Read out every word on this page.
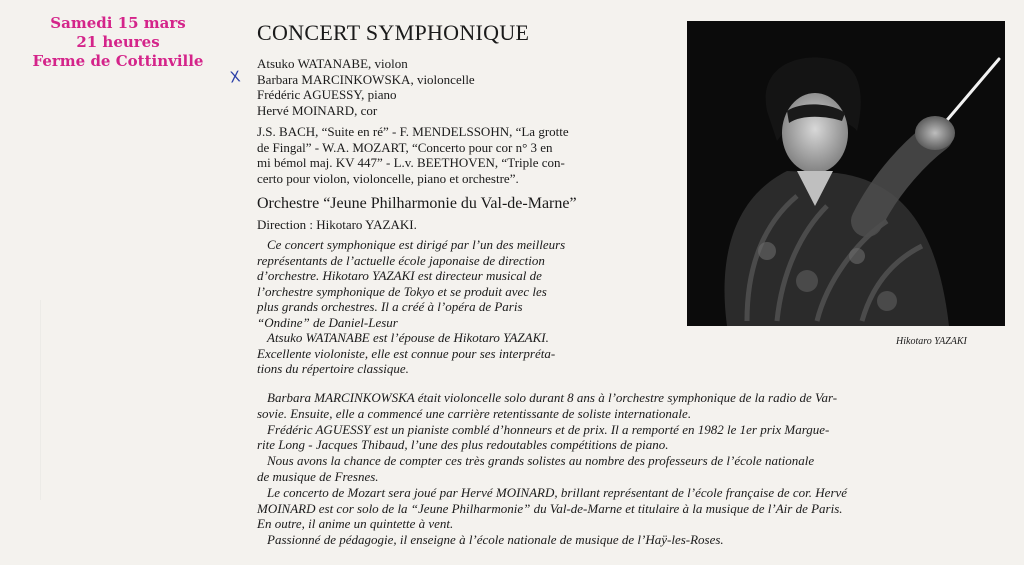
Samedi 15 mars
21 heures
Ferme de Cottinville
X
CONCERT SYMPHONIQUE
Atsuko WATANABE, violon
Barbara MARCINKOWSKA, violoncelle
Frédéric AGUESSY, piano
Hervé MOINARD, cor
J.S. BACH, “Suite en ré” - F. MENDELSSOHN, “La grotte
de Fingal” - W.A. MOZART, “Concerto pour cor n° 3 en
mi bémol maj. KV 447” - L.v. BEETHOVEN, “Triple con-
certo pour violon, violoncelle, piano et orchestre”.
Orchestre “Jeune Philharmonie du Val-de-Marne”
Direction : Hikotaro YAZAKI.
Ce concert symphonique est dirigé par l’un des meilleurs
représentants de l’actuelle école japonaise de direction
d’orchestre. Hikotaro YAZAKI est directeur musical de
l’orchestre symphonique de Tokyo et se produit avec les
plus grands orchestres. Il a créé à l’opéra de Paris
“Ondine” de Daniel-Lesur
Atsuko WATANABE est l’épouse de Hikotaro YAZAKI.
Excellente violoniste, elle est connue pour ses interpréta-
tions du répertoire classique.
Barbara MARCINKOWSKA était violoncelle solo durant 8 ans à l’orchestre symphonique de la radio de Var-
sovie. Ensuite, elle a commencé une carrière retentissante de soliste internationale.
Frédéric AGUESSY est un pianiste comblé d’honneurs et de prix. Il a remporté en 1982 le 1er prix Margue-
rite Long - Jacques Thibaud, l’une des plus redoutables compétitions de piano.
Nous avons la chance de compter ces très grands solistes au nombre des professeurs de l’école nationale
de musique de Fresnes.
Le concerto de Mozart sera joué par Hervé MOINARD, brillant représentant de l’école française de cor. Hervé
MOINARD est cor solo de la “Jeune Philharmonie” du Val-de-Marne et titulaire à la musique de l’Air de Paris.
En outre, il anime un quintette à vent.
Passionné de pédagogie, il enseigne à l’école nationale de musique de l’Haÿ-les-Roses.
Hikotaro YAZAKI
